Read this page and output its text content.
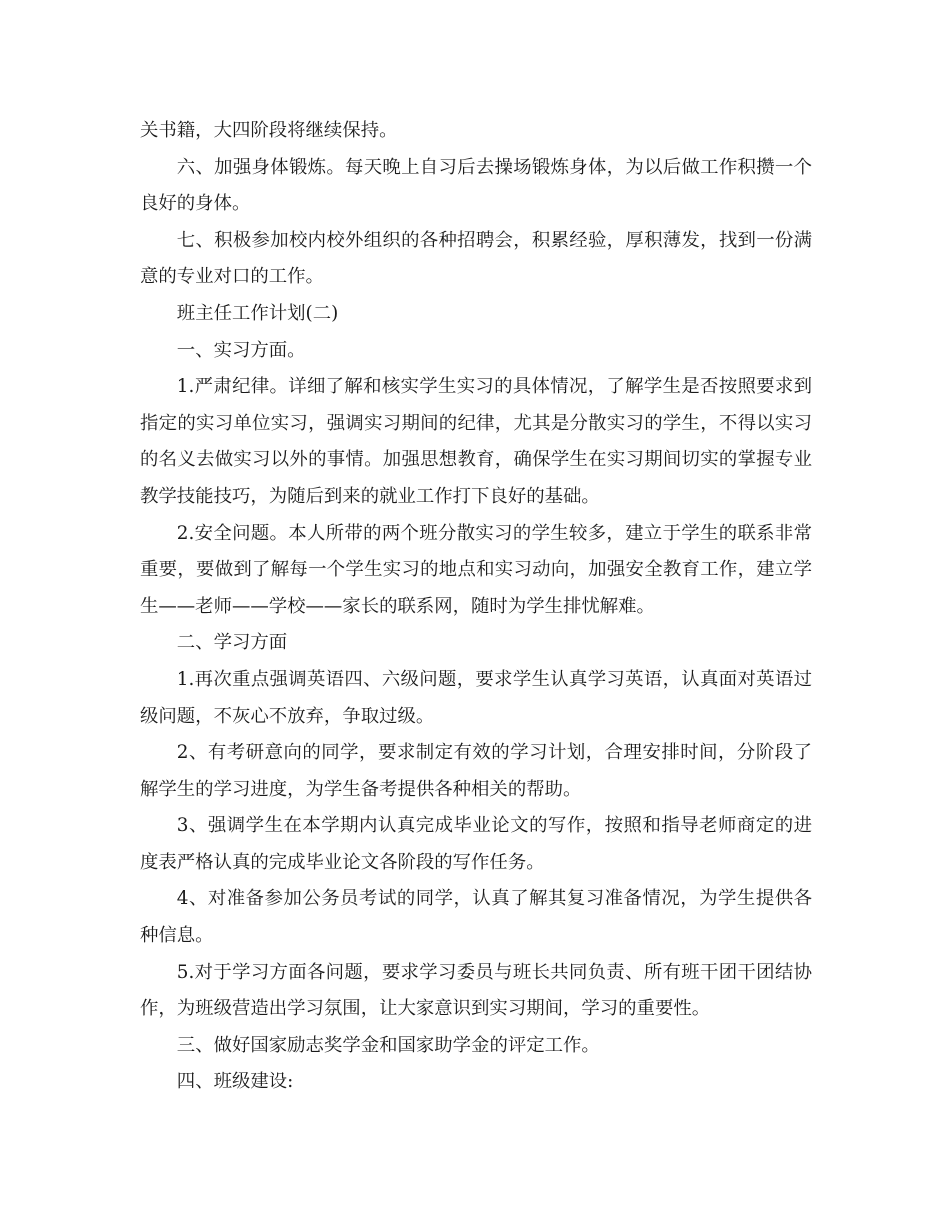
关书籍，大四阶段将继续保持。

六、加强身体锻炼。每天晚上自习后去操场锻炼身体，为以后做工作积攒一个良好的身体。

七、积极参加校内校外组织的各种招聘会，积累经验，厚积薄发，找到一份满意的专业对口的工作。

班主任工作计划(二)

一、实习方面。

1.严肃纪律。详细了解和核实学生实习的具体情况，了解学生是否按照要求到指定的实习单位实习，强调实习期间的纪律，尤其是分散实习的学生，不得以实习的名义去做实习以外的事情。加强思想教育，确保学生在实习期间切实的掌握专业教学技能技巧，为随后到来的就业工作打下良好的基础。

2.安全问题。本人所带的两个班分散实习的学生较多，建立于学生的联系非常重要，要做到了解每一个学生实习的地点和实习动向，加强安全教育工作，建立学生——老师——学校——家长的联系网，随时为学生排忧解难。

二、学习方面

1.再次重点强调英语四、六级问题，要求学生认真学习英语，认真面对英语过级问题，不灰心不放弃，争取过级。

2、有考研意向的同学，要求制定有效的学习计划，合理安排时间，分阶段了解学生的学习进度，为学生备考提供各种相关的帮助。

3、强调学生在本学期内认真完成毕业论文的写作，按照和指导老师商定的进度表严格认真的完成毕业论文各阶段的写作任务。

4、对准备参加公务员考试的同学，认真了解其复习准备情况，为学生提供各种信息。

5.对于学习方面各问题，要求学习委员与班长共同负责、所有班干团干团结协作，为班级营造出学习氛围，让大家意识到实习期间，学习的重要性。

三、做好国家励志奖学金和国家助学金的评定工作。

四、班级建设:
